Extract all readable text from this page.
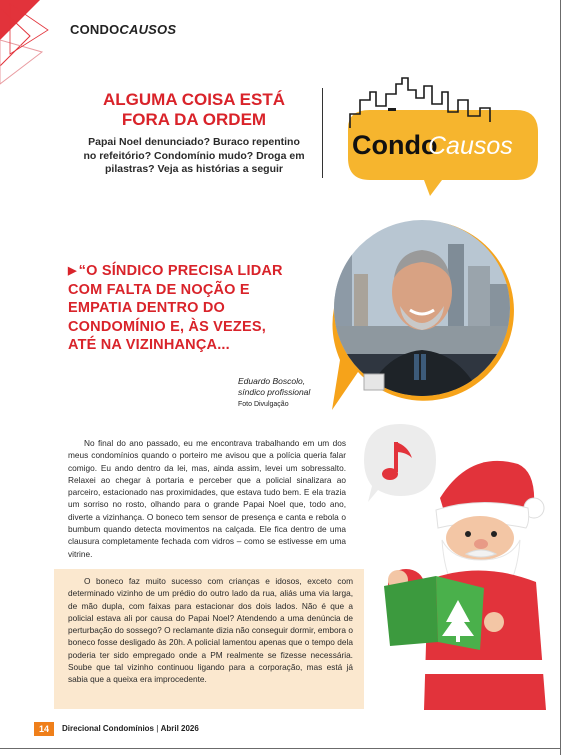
CONDOCAUSOS
ALGUMA COISA ESTÁ FORA DA ORDEM
Papai Noel denunciado? Buraco repentino no refeitório? Condomínio mudo? Droga em pilastras? Veja as histórias a seguir
Condo
Causos
▶ “O SÍNDICO PRECISA LIDAR COM FALTA DE NOÇÃO E EMPATIA DENTRO DO CONDOMÍNIO E, ÀS VEZES, ATÉ NA VIZINHANÇA...
Eduardo Boscolo,
síndico profissional
Foto Divulgação

No final do ano passado, eu me encontrava trabalhando em um dos meus condomínios quando o porteiro me avisou que a polícia queria falar comigo. Eu ando dentro da lei, mas, ainda assim, levei um sobressalto. Relaxei ao chegar à portaria e perceber que a policial sinalizara ao parceiro, estacionado nas proximidades, que estava tudo bem. E ela trazia um sorriso no rosto, olhando para o grande Papai Noel que, todo ano, diverte a vizinhança. O boneco tem sensor de presença e canta e rebola o bumbum quando detecta movimentos na calçada. Ele fica dentro de uma clausura completamente fechada com vidros – como se estivesse em uma vitrine.

O boneco faz muito sucesso com crianças e idosos, exceto com determinado vizinho de um prédio do outro lado da rua, aliás uma via larga, de mão dupla, com faixas para estacionar dos dois lados. Não é que a policial estava ali por causa do Papai Noel? Atendendo a uma denúncia de perturbação do sossego? O reclamante dizia não conseguir dormir, embora o boneco fosse desligado às 20h. A policial lamentou apenas que o tempo dela poderia ter sido empregado onde a PM realmente se fizesse necessária. Soube que tal vizinho continuou ligando para a corporação, mas está já sabia que a queixa era improcedente.

14	Direcional Condomínios | Abril 2026
